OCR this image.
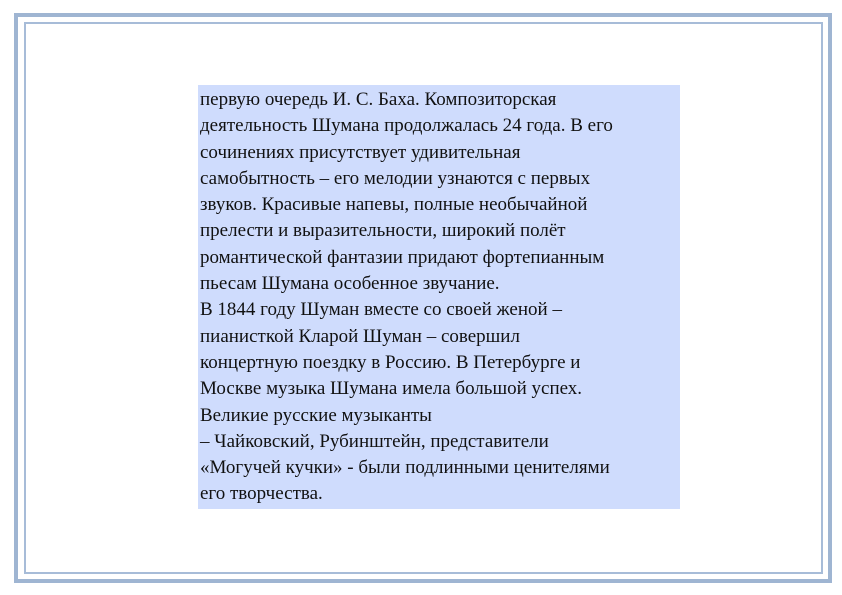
первую очередь И. С. Баха. Композиторская
деятельность Шумана продолжалась 24 года. В его
сочинениях присутствует удивительная
самобытность – его мелодии узнаются с первых
звуков. Красивые напевы, полные необычайной
прелести и выразительности, широкий полёт
романтической фантазии придают фортепианным
пьесам Шумана особенное звучание.
В 1844 году Шуман вместе со своей женой –
пианисткой Кларой Шуман – совершил
концертную поездку в Россию. В Петербурге и
Москве музыка Шумана имела большой успех.
Великие русские музыканты
– Чайковский, Рубинштейн, представители
«Могучей кучки» - были подлинными ценителями
его творчества.
